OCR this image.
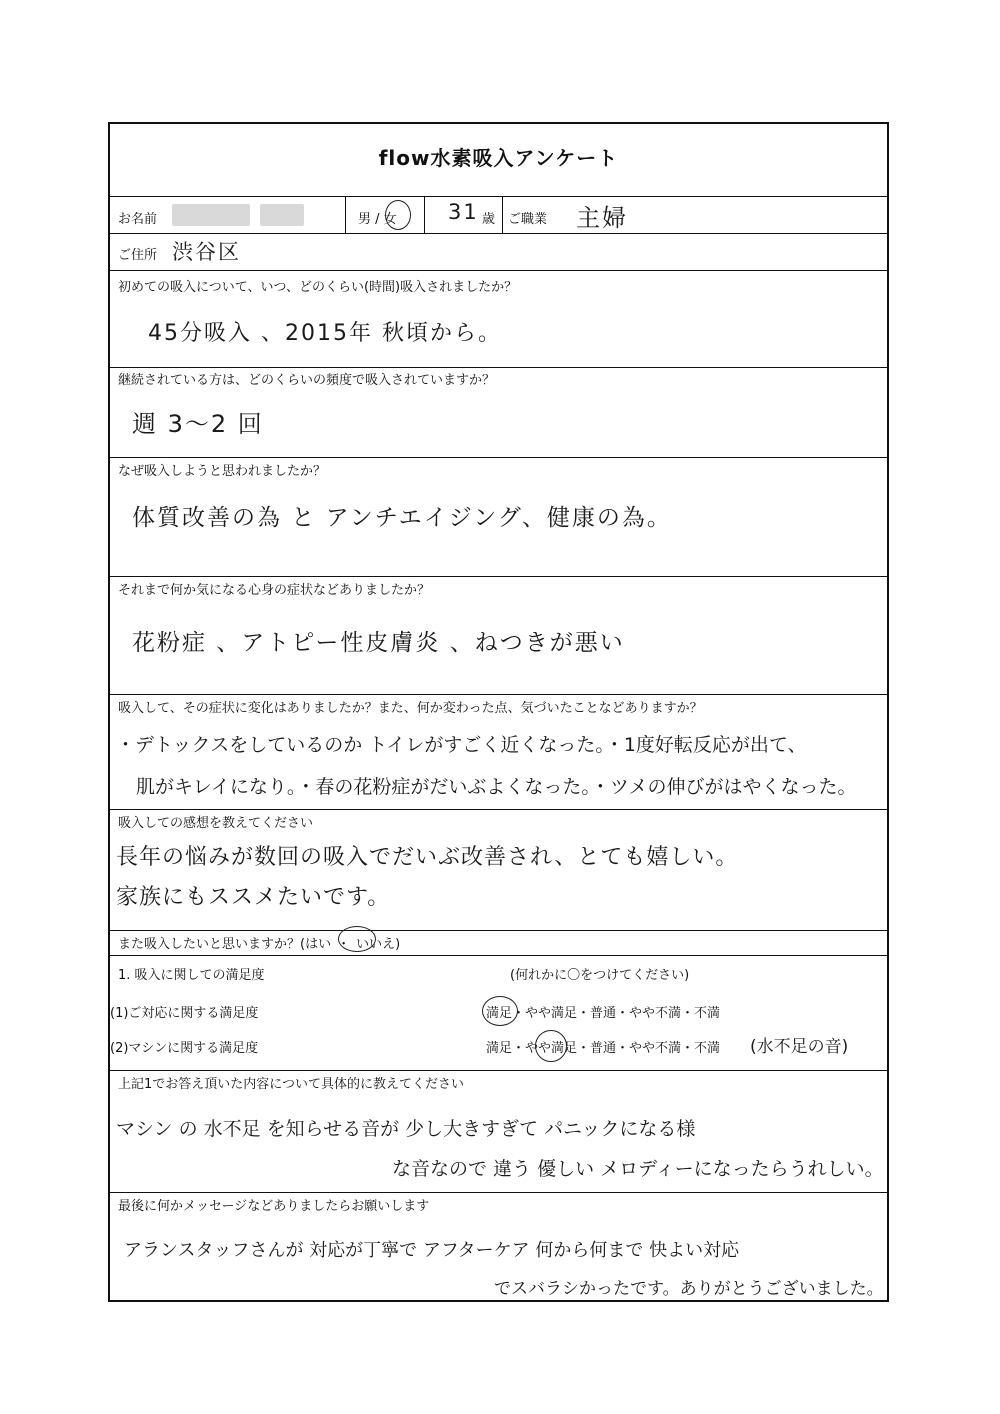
flow水素吸入アンケート
お名前	男 / 女 31 歳 ご職業 主婦
ご住所 渋谷区
初めての吸入について、いつ、どのくらい(時間)吸入されましたか？
45分吸入 、2015年 秋頃から。
継続されている方は、どのくらいの頻度で吸入されていますか？
週 3〜2 回
なぜ吸入しようと思われましたか？
体質改善の為 と アンチエイジング、健康の為。
それまで何か気になる心身の症状などありましたか？
花粉症 、アトピー性皮膚炎 、ねつきが悪い
吸入して、その症状に変化はありましたか？また、何か変わった点、気づいたことなどありますか？
・デトックスをしているのか トイレがすごく近くなった。・1度好転反応が出て、
肌がキレイになり。・春の花粉症がだいぶよくなった。・ツメの伸びがはやくなった。
吸入しての感想を教えてください
長年の悩みが数回の吸入でだいぶ改善され、とても嬉しい。
家族にもススメたいです。
また吸入したいと思いますか？(はい ・ いいえ)
1. 吸入に関しての満足度	(何れかに〇をつけてください)
(1)ご対応に関する満足度	満足・やや満足・普通・やや不満・不満
(2)マシンに関する満足度	満足・やや満足・普通・やや不満・不満 (水不足の音)
上記1でお答え頂いた内容について具体的に教えてください
マシン の 水不足 を知らせる音が 少し大きすぎて パニックになる様
な音なので 違う 優しい メロディーになったらうれしい。
最後に何かメッセージなどありましたらお願いします
アランスタッフさんが 対応が丁寧で アフターケア 何から何まで 快よい対応
でスバラシかったです。ありがとうございました。
